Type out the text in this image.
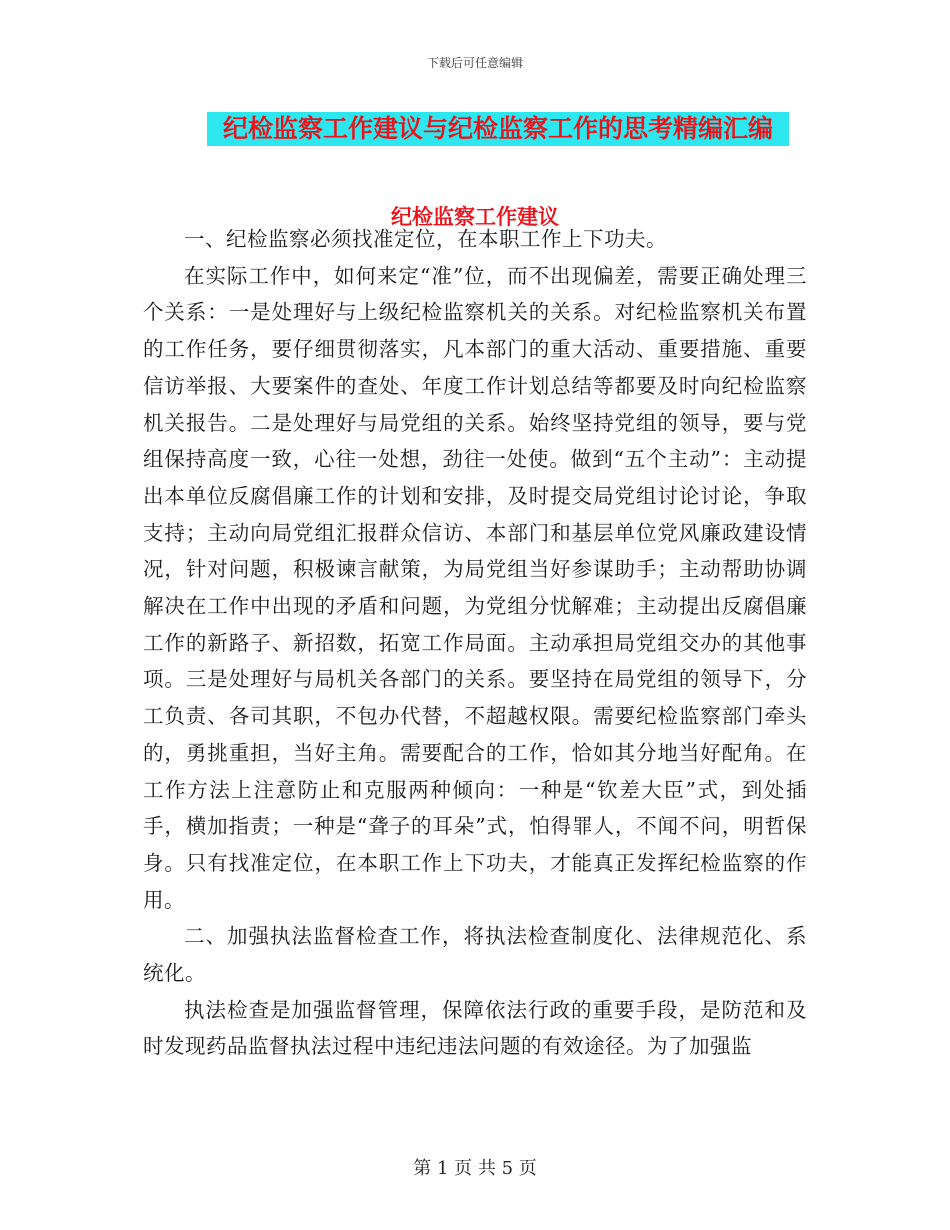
下载后可任意编辑
纪检监察工作建议与纪检监察工作的思考精编汇编
纪检监察工作建议

一、纪检监察必须找准定位，在本职工作上下功夫。

在实际工作中，如何来定“准”位，而不出现偏差，需要正确处理三个关系：一是处理好与上级纪检监察机关的关系。对纪检监察机关布置的工作任务，要仔细贯彻落实，凡本部门的重大活动、重要措施、重要信访举报、大要案件的查处、年度工作计划总结等都要及时向纪检监察机关报告。二是处理好与局党组的关系。始终坚持党组的领导，要与党组保持高度一致，心往一处想，劲往一处使。做到“五个主动”：主动提出本单位反腐倡廉工作的计划和安排，及时提交局党组讨论讨论，争取支持；主动向局党组汇报群众信访、本部门和基层单位党风廉政建设情况，针对问题，积极谏言献策，为局党组当好参谋助手；主动帮助协调解决在工作中出现的矛盾和问题，为党组分忧解难；主动提出反腐倡廉工作的新路子、新招数，拓宽工作局面。主动承担局党组交办的其他事项。三是处理好与局机关各部门的关系。要坚持在局党组的领导下，分工负责、各司其职，不包办代替，不超越权限。需要纪检监察部门牵头的，勇挑重担，当好主角。需要配合的工作，恰如其分地当好配角。在工作方法上注意防止和克服两种倾向：一种是“钦差大臣”式，到处插手，横加指责；一种是“聋子的耳朵”式，怕得罪人，不闻不问，明哲保身。只有找准定位，在本职工作上下功夫，才能真正发挥纪检监察的作用。

二、加强执法监督检查工作，将执法检查制度化、法律规范化、系统化。

执法检查是加强监督管理，保障依法行政的重要手段，是防范和及时发现药品监督执法过程中违纪违法问题的有效途径。为了加强监

第 1 页 共 5 页
